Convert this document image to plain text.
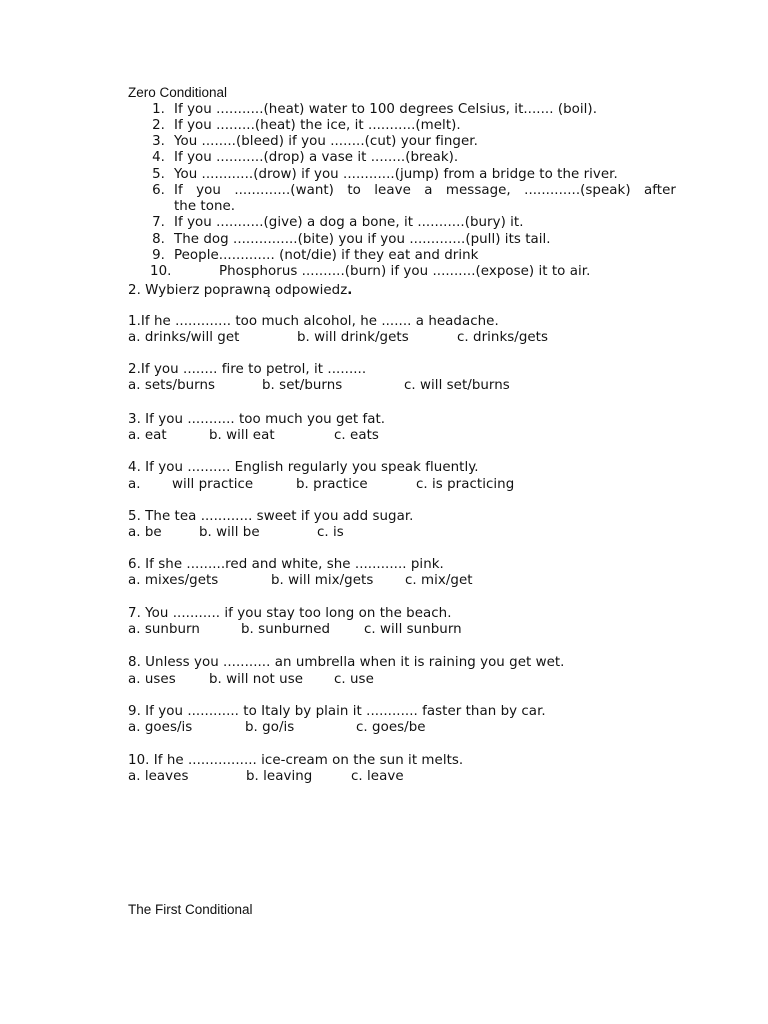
Zero Conditional
1. If you ...........(heat) water to 100 degrees Celsius, it....... (boil).
2. If you .........(heat) the ice, it ...........(melt).
3. You ........(bleed) if you ........(cut) your finger.
4. If you ...........(drop) a vase it ........(break).
5. You ............(drow) if you ............(jump) from a bridge to the river.
6. If you .............(want) to leave a message, .............(speak) after
the tone.
7. If you ...........(give) a dog a bone, it ...........(bury) it.
8. The dog ...............(bite) you if you .............(pull) its tail.
9. People............. (not/die) if they eat and drink
10.	Phosphorus ..........(burn) if you ..........(expose) it to air.
2. Wybierz poprawną odpowiedz.
1.If he ............. too much alcohol, he ....... a headache.
a. drinks/will get	b. will drink/gets	c. drinks/gets
2.If you ........ fire to petrol, it .........
a. sets/burns	b. set/burns	c. will set/burns
3. If you ........... too much you get fat.
a. eat	b. will eat	c. eats
4. If you .......... English regularly you speak fluently.
a. will practice	b. practice	c. is practicing
5. The tea ............ sweet if you add sugar.
a. be	b. will be	c. is
6. If she .........red and white, she ............ pink.
a. mixes/gets	b. will mix/gets c. mix/get
7. You ........... if you stay too long on the beach.
a. sunburn	b. sunburned	c. will sunburn
8. Unless you ........... an umbrella when it is raining you get wet.
a. uses b. will not use c. use
9. If you ............ to Italy by plain it ............ faster than by car.
a. goes/is	b. go/is	c. goes/be
10. If he ................ ice-cream on the sun it melts.
a. leaves	b. leaving	c. leave
The First Conditional
